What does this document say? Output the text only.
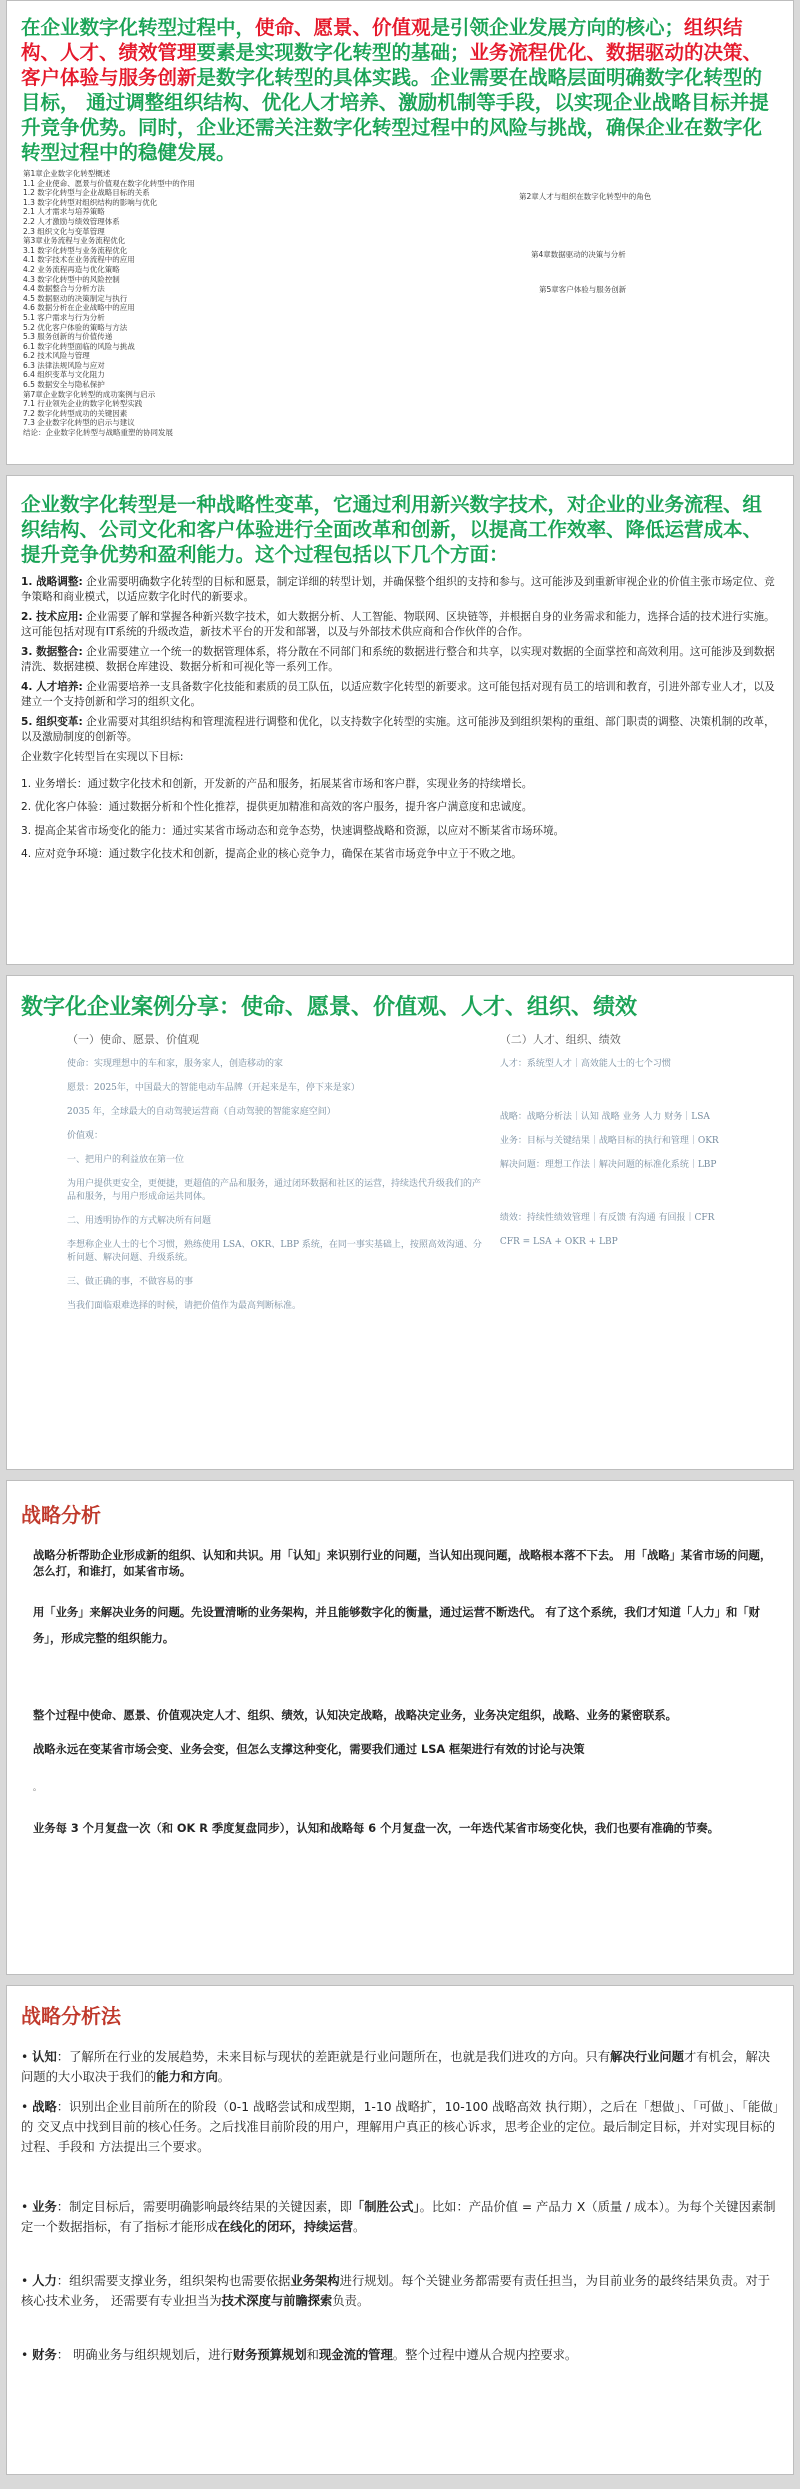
在企业数字化转型过程中，使命、愿景、价值观是引领企业发展方向的核心；组织结构、人才、绩效管理要素是实现数字化转型的基础；业务流程优化、数据驱动的决策、客户体验与服务创新是数字化转型的具体实践。企业需要在战略层面明确数字化转型的目标， 通过调整组织结构、优化人才培养、激励机制等手段，以实现企业战略目标并提升竞争优势。同时，企业还需关注数字化转型过程中的风险与挑战，确保企业在数字化转型过程中的稳健发展。
第1章企业数字化转型概述
1.1 企业使命、愿景与价值观在数字化转型中的作用
1.2 数字化转型与企业战略目标的关系
1.3 数字化转型对组织结构的影响与优化
2.1 人才需求与培养策略
2.2 人才激励与绩效管理体系
2.3 组织文化与变革管理
第3章业务流程与业务流程优化
3.1 数字化转型与业务流程优化
4.1 数字技术在业务流程中的应用
4.2 业务流程再造与优化策略
4.3 数字化转型中的风险控制
4.4 数据整合与分析方法
4.5 数据驱动的决策制定与执行
4.6 数据分析在企业战略中的应用
5.1 客户需求与行为分析
5.2 优化客户体验的策略与方法
5.3 服务创新的与价值传递
6.1 数字化转型面临的风险与挑战
6.2 技术风险与管理
6.3 法律法规风险与应对
6.4 组织变革与文化阻力
6.5 数据安全与隐私保护
第7章企业数字化转型的成功案例与启示
7.1 行业领先企业的数字化转型实践
7.2 数字化转型成功的关键因素
7.3 企业数字化转型的启示与建议
结论：企业数字化转型与战略重塑的协同发展
第2章人才与组织在数字化转型中的角色
第4章数据驱动的决策与分析
第5章客户体验与服务创新
企业数字化转型是一种战略性变革，它通过利用新兴数字技术，对企业的业务流程、组织结构、公司文化和客户体验进行全面改革和创新，以提高工作效率、降低运营成本、提升竞争优势和盈利能力。这个过程包括以下几个方面：

1. 战略调整: 企业需要明确数字化转型的目标和愿景，制定详细的转型计划，并确保整个组织的支持和参与。这可能涉及到重新审视企业的价值主张市场定位、竞争策略和商业模式，以适应数字化时代的新要求。

2. 技术应用: 企业需要了解和掌握各种新兴数字技术，如大数据分析、人工智能、物联网、区块链等，并根据自身的业务需求和能力，选择合适的技术进行实施。这可能包括对现有IT系统的升级改造，新技术平台的开发和部署，以及与外部技术供应商和合作伙伴的合作。

3. 数据整合: 企业需要建立一个统一的数据管理体系，将分散在不同部门和系统的数据进行整合和共享，以实现对数据的全面掌控和高效利用。这可能涉及到数据清洗、数据建模、数据仓库建设、数据分析和可视化等一系列工作。

4. 人才培养: 企业需要培养一支具备数字化技能和素质的员工队伍，以适应数字化转型的新要求。这可能包括对现有员工的培训和教育，引进外部专业人才，以及建立一个支持创新和学习的组织文化。

5. 组织变革: 企业需要对其组织结构和管理流程进行调整和优化，以支持数字化转型的实施。这可能涉及到组织架构的重组、部门职责的调整、决策机制的改革，以及激励制度的创新等。

企业数字化转型旨在实现以下目标:

1. 业务增长：通过数字化技术和创新，开发新的产品和服务，拓展某省市场和客户群，实现业务的持续增长。

2. 优化客户体验：通过数据分析和个性化推荐，提供更加精准和高效的客户服务，提升客户满意度和忠诚度。

3. 提高企某省市场变化的能力：通过实某省市场动态和竞争态势，快速调整战略和资源，以应对不断某省市场环境。

4. 应对竞争环境：通过数字化技术和创新，提高企业的核心竞争力，确保在某省市场竞争中立于不败之地。

数字化企业案例分享：使命、愿景、价值观、人才、组织、绩效
（一）使命、愿景、价值观

使命：实现理想中的车和家，服务家人，创造移动的家

愿景：2025年，中国最大的智能电动车品牌（开起来是车，停下来是家）

2035 年，全球最大的自动驾驶运营商（自动驾驶的智能家庭空间）

价值观：

一、把用户的利益放在第一位

为用户提供更安全，更便捷，更超值的产品和服务，通过闭环数据和社区的运营，持续迭代升级我们的产品和服务，与用户形成命运共同体。

二、用透明协作的方式解决所有问题

李想称企业人士的七个习惯，熟练使用 LSA、OKR、LBP 系统，在同一事实基础上，按照高效沟通、分析问题、解决问题、升级系统。

三、做正确的事，不做容易的事

当我们面临艰难选择的时候，请把价值作为最高判断标准。

（二）人才、组织、绩效

人才：系统型人才｜高效能人士的七个习惯

战略：战略分析法｜认知 战略 业务 人力 财务｜LSA

业务：目标与关键结果｜战略目标的执行和管理｜OKR

解决问题：理想工作法｜解决问题的标准化系统｜LBP

绩效：持续性绩效管理｜有反馈 有沟通 有回报｜CFR

CFR = LSA + OKR + LBP

战略分析

战略分析帮助企业形成新的组织、认知和共识。用「认知」来识别行业的问题，当认知出现问题，战略根本落不下去。 用「战略」某省市场的问题，怎么打，和谁打，如某省市场。

用「业务」来解决业务的问题。先设置清晰的业务架构，并且能够数字化的衡量，通过运营不断迭代。 有了这个系统，我们才知道「人力」和「财务」，形成完整的组织能力。

整个过程中使命、愿景、价值观决定人才、组织、绩效，认知决定战略，战略决定业务，业务决定组织，战略、业务的紧密联系。

战略永远在变某省市场会变、业务会变，但怎么支撑这种变化，需要我们通过 LSA 框架进行有效的讨论与决策

。

业务每 3 个月复盘一次（和 OK R 季度复盘同步），认知和战略每 6 个月复盘一次，一年迭代某省市场变化快，我们也要有准确的节奏。

战略分析法
• 认知：了解所在行业的发展趋势，未来目标与现状的差距就是行业问题所在，也就是我们进攻的方向。只有解决行业问题才有机会，解决问题的大小取决于我们的能力和方向。
• 战略：识别出企业目前所在的阶段（0-1 战略尝试和成型期，1-10 战略扩，10-100 战略高效 执行期），之后在「想做」、「可做」、「能做」的 交叉点中找到目前的核心任务。之后找准目前阶段的用户，理解用户真正的核心诉求，思考企业的定位。最后制定目标，并对实现目标的过程、手段和 方法提出三个要求。
• 业务：制定目标后，需要明确影响最终结果的关键因素，即「制胜公式」。比如：产品价值 = 产品力 X（质量 / 成本）。为每个关键因素制定一个数据指标，有了指标才能形成在线化的闭环，持续运营。
• 人力：组织需要支撑业务，组织架构也需要依据业务架构进行规划。每个关键业务都需要有责任担当，为目前业务的最终结果负责。对于核心技术业务， 还需要有专业担当为技术深度与前瞻探索负责。
• 财务： 明确业务与组织规划后，进行财务预算规划和现金流的管理。整个过程中遵从合规内控要求。
